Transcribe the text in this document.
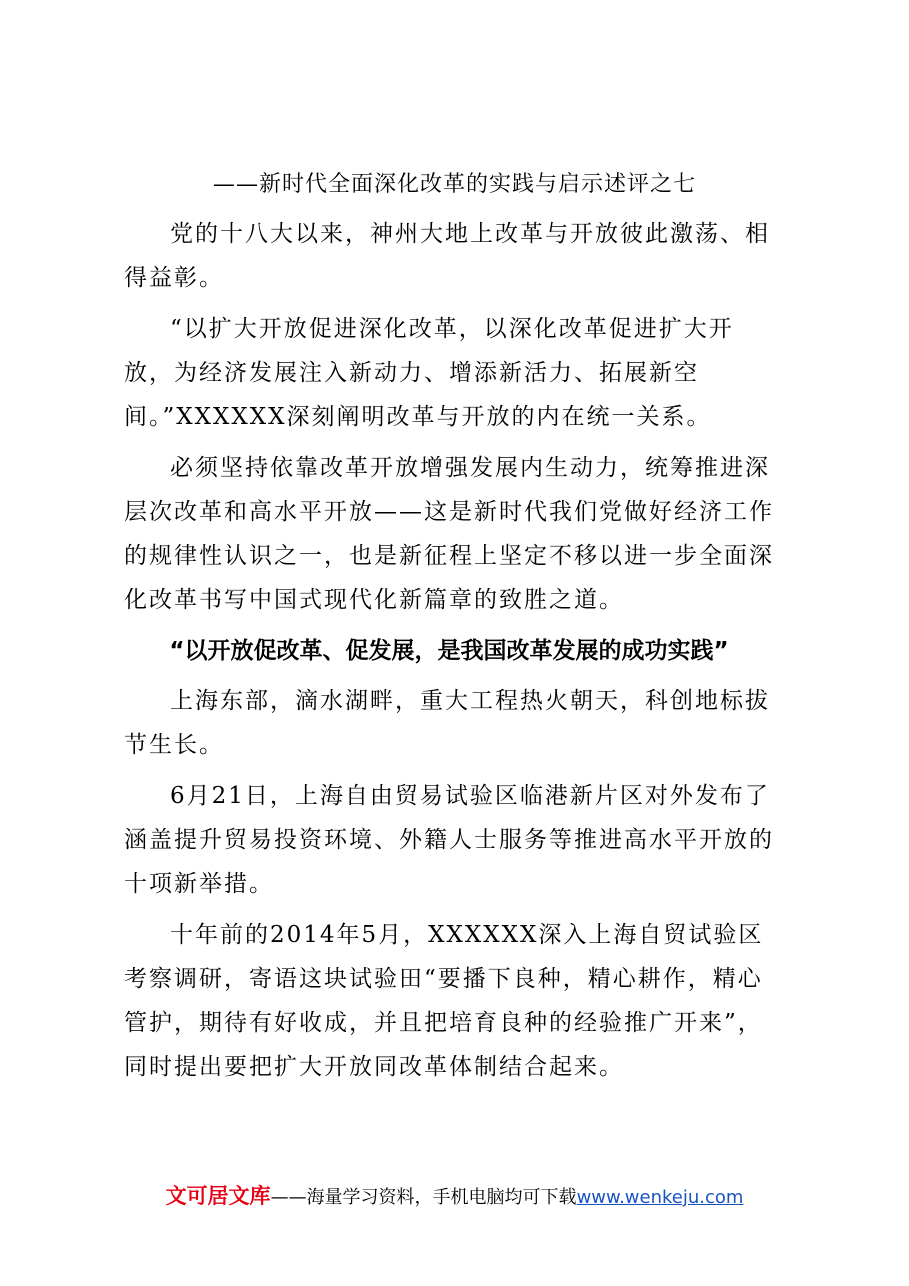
——新时代全面深化改革的实践与启示述评之七

党的十八大以来，神州大地上改革与开放彼此激荡、相得益彰。

“以扩大开放促进深化改革，以深化改革促进扩大开放，为经济发展注入新动力、增添新活力、拓展新空间。”XXXXXX深刻阐明改革与开放的内在统一关系。

必须坚持依靠改革开放增强发展内生动力，统筹推进深层次改革和高水平开放——这是新时代我们党做好经济工作的规律性认识之一，也是新征程上坚定不移以进一步全面深化改革书写中国式现代化新篇章的致胜之道。

“以开放促改革、促发展，是我国改革发展的成功实践”

上海东部，滴水湖畔，重大工程热火朝天，科创地标拔节生长。

6月21日，上海自由贸易试验区临港新片区对外发布了涵盖提升贸易投资环境、外籍人士服务等推进高水平开放的十项新举措。

十年前的2014年5月，XXXXXX深入上海自贸试验区考察调研，寄语这块试验田“要播下良种，精心耕作，精心管护，期待有好收成，并且把培育良种的经验推广开来”，同时提出要把扩大开放同改革体制结合起来。

文可居文库——海量学习资料，手机电脑均可下载www.wenkeju.com
